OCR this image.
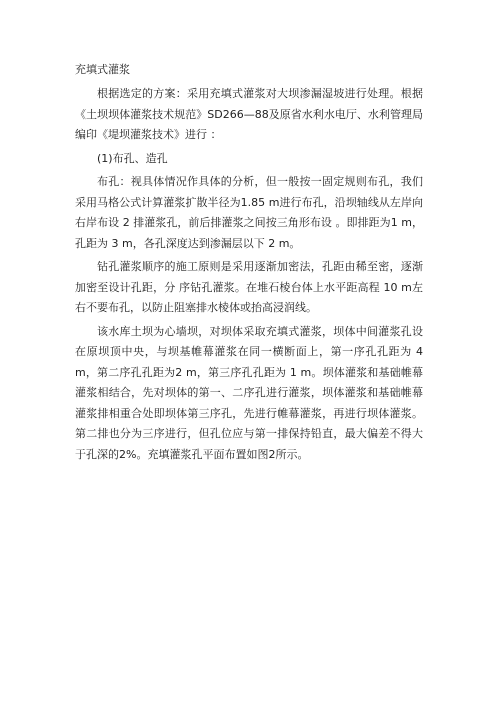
充填式灌浆

根据选定的方案：采用充填式灌浆对大坝渗漏湿坡进行处理。根据《土坝坝体灌浆技术规范》SD266—88及原省水利水电厅、水利管理局编印《堤坝灌浆技术》进行 ：

(1)布孔、造孔

布孔：视具体情况作具体的分析，但一般按一固定规则布孔，我们采用马格公式计算灌浆扩散半径为1.85 m进行布孔，沿坝轴线从左岸向右岸布设 2 排灌浆孔，前后排灌浆之间按三角形布设 。即排距为1 m，孔距为 3 m，各孔深度达到渗漏层以下 2 m。

钻孔灌浆顺序的施工原则是采用逐渐加密法，孔距由稀至密，逐渐加密至设计孔距，分 序钻孔灌浆。在堆石棱台体上水平距高程 10 m左右不要布孔，以防止阻塞排水棱体或抬高浸润线。

该水库土坝为心墙坝，对坝体采取充填式灌浆，坝体中间灌浆孔设在原坝顶中央，与坝基帷幕灌浆在同一横断面上，第一序孔孔距为 4 m，第二序孔孔距为2 m，第三序孔孔距为 1 m。坝体灌浆和基础帷幕灌浆相结合，先对坝体的第一、二序孔进行灌浆，坝体灌浆和基础帷幕灌浆排相重合处即坝体第三序孔，先进行帷幕灌浆，再进行坝体灌浆。第二排也分为三序进行，但孔位应与第一排保持铅直，最大偏差不得大于孔深的2%。充填灌浆孔平面布置如图2所示。
